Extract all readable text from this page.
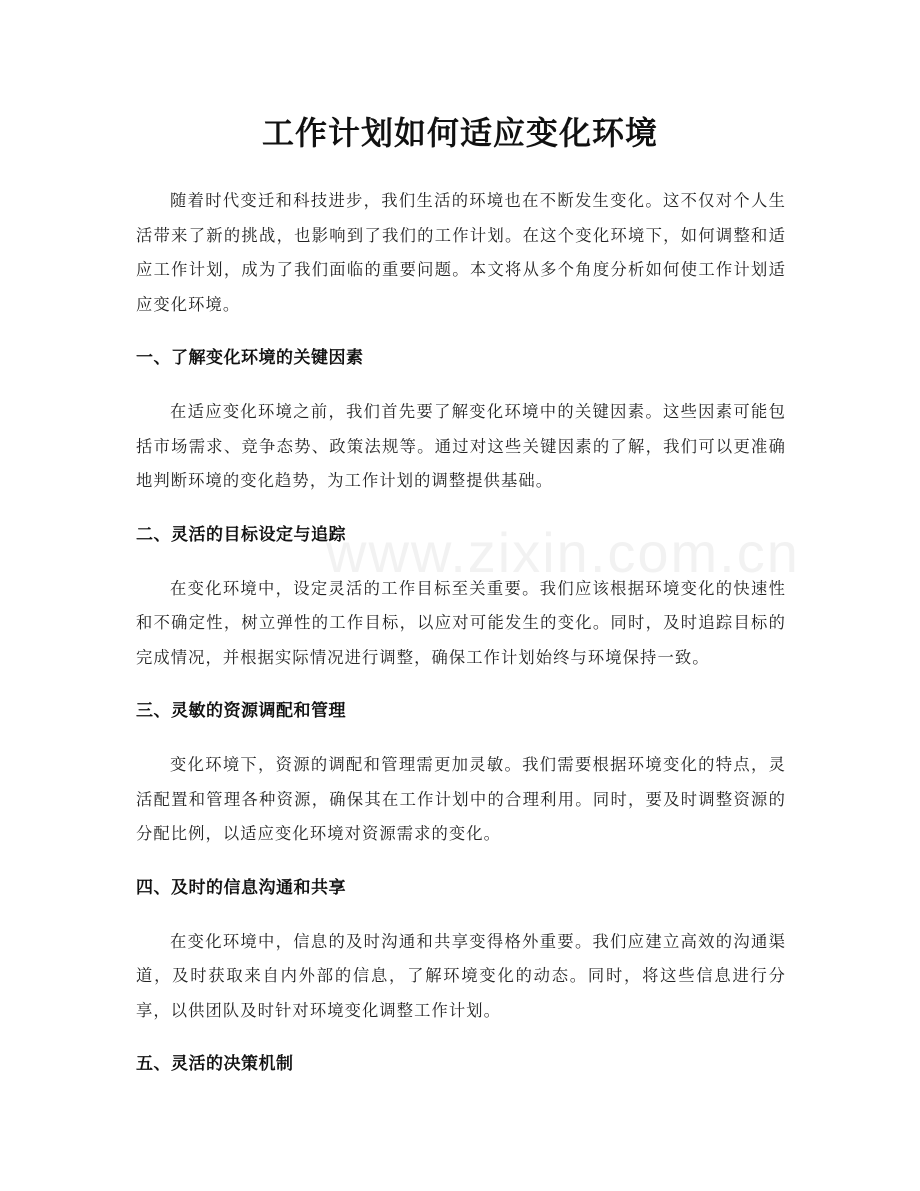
工作计划如何适应变化环境
www.zixin.com.cn

随着时代变迁和科技进步，我们生活的环境也在不断发生变化。这不仅对个人生活带来了新的挑战，也影响到了我们的工作计划。在这个变化环境下，如何调整和适应工作计划，成为了我们面临的重要问题。本文将从多个角度分析如何使工作计划适应变化环境。

一、了解变化环境的关键因素

在适应变化环境之前，我们首先要了解变化环境中的关键因素。这些因素可能包括市场需求、竞争态势、政策法规等。通过对这些关键因素的了解，我们可以更准确地判断环境的变化趋势，为工作计划的调整提供基础。

二、灵活的目标设定与追踪

在变化环境中，设定灵活的工作目标至关重要。我们应该根据环境变化的快速性和不确定性，树立弹性的工作目标，以应对可能发生的变化。同时，及时追踪目标的完成情况，并根据实际情况进行调整，确保工作计划始终与环境保持一致。

三、灵敏的资源调配和管理

变化环境下，资源的调配和管理需更加灵敏。我们需要根据环境变化的特点，灵活配置和管理各种资源，确保其在工作计划中的合理利用。同时，要及时调整资源的分配比例，以适应变化环境对资源需求的变化。

四、及时的信息沟通和共享

在变化环境中，信息的及时沟通和共享变得格外重要。我们应建立高效的沟通渠道，及时获取来自内外部的信息，了解环境变化的动态。同时，将这些信息进行分享，以供团队及时针对环境变化调整工作计划。

五、灵活的决策机制
